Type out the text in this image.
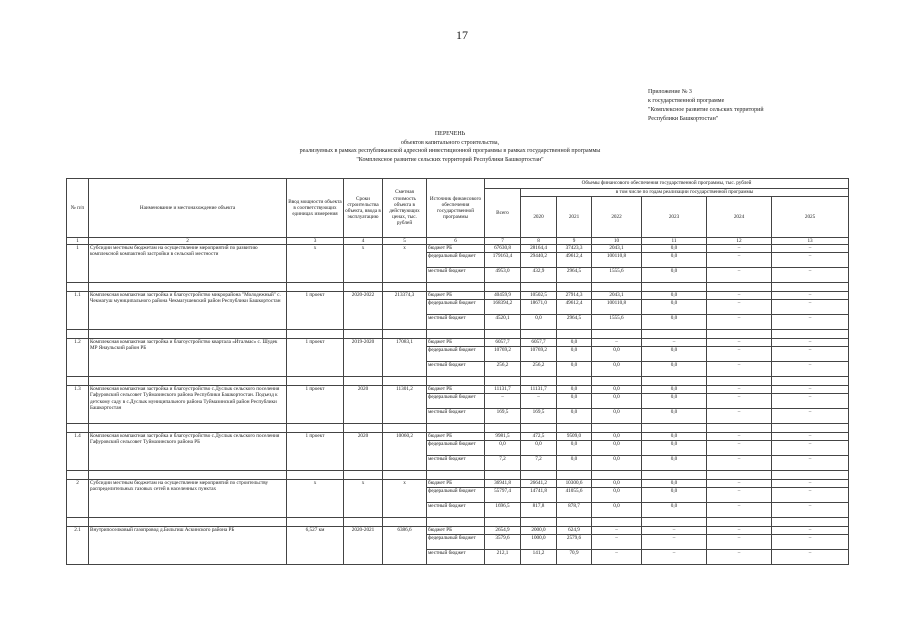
17
Приложение № 3
к государственной программе
"Комплексное развитие сельских территорий
Республики Башкортостан"
ПЕРЕЧЕНЬ
объектов капитального строительства,
реализуемых в рамках республиканской адресной инвестиционной программы в рамках государственной программы
"Комплексное развитие сельских территорий Республики Башкортостан"
№ п/п	Наименование и местонахождение объекта	Ввод мощности объекта в соответствующих единицах измерения	Сроки строительства объекта, ввода в эксплуатацию	Сметная стоимость объекта в действующих ценах, тыс. рублей	Источник финансового обеспечения государственной программы	Объемы финансового обеспечения государственной программы, тыс. рублей						
						Всего	в том числе по годам реализации государственной программы					
							2020	2021	2022	2023	2024	2025
1	2	3	4	5	6	7	8	9	10	11	12	13
1	Субсидии местным бюджетам на осуществление мероприятий по развитию комплексной компактной застройки в сельской местности	х	х	х	бюджет РБ	67630,8	28164,4	37423,3	2043,1	0,0	–	–
					федеральный бюджет	179163,4	29440,2	49612,4	100110,8	0,0	–	–
					местный бюджет	4953,0	432,9	2964,5	1555,6	0,0	–	–

1.1	Комплексная компактная застройка и благоустройство микрорайона "Молодежный" с. Чекмагуш муниципального района Чекмагушевский район Республики Башкортостан	1 проект	2020-2022	213374,3	бюджет РБ	40459,9	10502,5	27914,3	2043,1	0,0	–	–
					федеральный бюджет	168394,2	18671,0	49612,4	100110,8	0,0	–	–
					местный бюджет	4520,1	0,0	2964,5	1555,6	0,0	–	–

1.2	Комплексная компактная застройка и благоустройство квартала «Италмас» с. Шудек МР Янаульский район РБ	1 проект	2019-2020	17083,1	бюджет РБ	6057,7	6057,7	0,0	–	–	–	–
					федеральный бюджет	10769,2	10769,2	0,0	0,0	0,0	–	–
					местный бюджет	256,2	256,2	0,0	0,0	0,0	–	–

1.3	Комплексная компактная застройка и благоустройство с.Дуслык сельского поселения Гафуровский сельсовет Туймазинского района Республики Башкортостан. Подъезд к детскому саду в с.Дуслык муниципального района Туймазинский район Республики Башкортостан	1 проект	2020	11301,2	бюджет РБ	11131,7	11131,7	0,0	0,0	0,0	–	–
					федеральный бюджет	–	–	0,0	0,0	0,0	–	–
					местный бюджет	169,5	169,5	0,0	0,0	0,0	–	–

1.4	Комплексная компактная застройка и благоустройство с.Дуслык сельского поселения Гафуровский сельсовет Туймазинского района РБ	1 проект	2020	10060,2	бюджет РБ	9981,5	472,5	9509,0	0,0	0,0	–	–
					федеральный бюджет	0,0	0,0	0,0	0,0	0,0	–	–
					местный бюджет	7,2	7,2	0,0	0,0	0,0	–	–

2	Субсидии местным бюджетам на осуществление мероприятий по строительству распределительных газовых сетей в населенных пунктах	х	х	х	бюджет РБ	36941,8	26641,2	10300,6	0,0	0,0	–	–
					федеральный бюджет	55797,4	14741,8	41055,6	0,0	0,0	–	–
					местный бюджет	1696,5	817,8	878,7	0,0	0,0	–	–

2.1	Внутрипоселковый газопровод д.Бильгиш Аскинского района РБ	6,527 км	2020-2021	6386,6	бюджет РБ	2654,9	2000,0	624,9	–	–	–	–
					федеральный бюджет	3579,6	1000,0	2579,6	–	–	–	–
					местный бюджет	212,1	141,2	70,9	–	–	–	–
